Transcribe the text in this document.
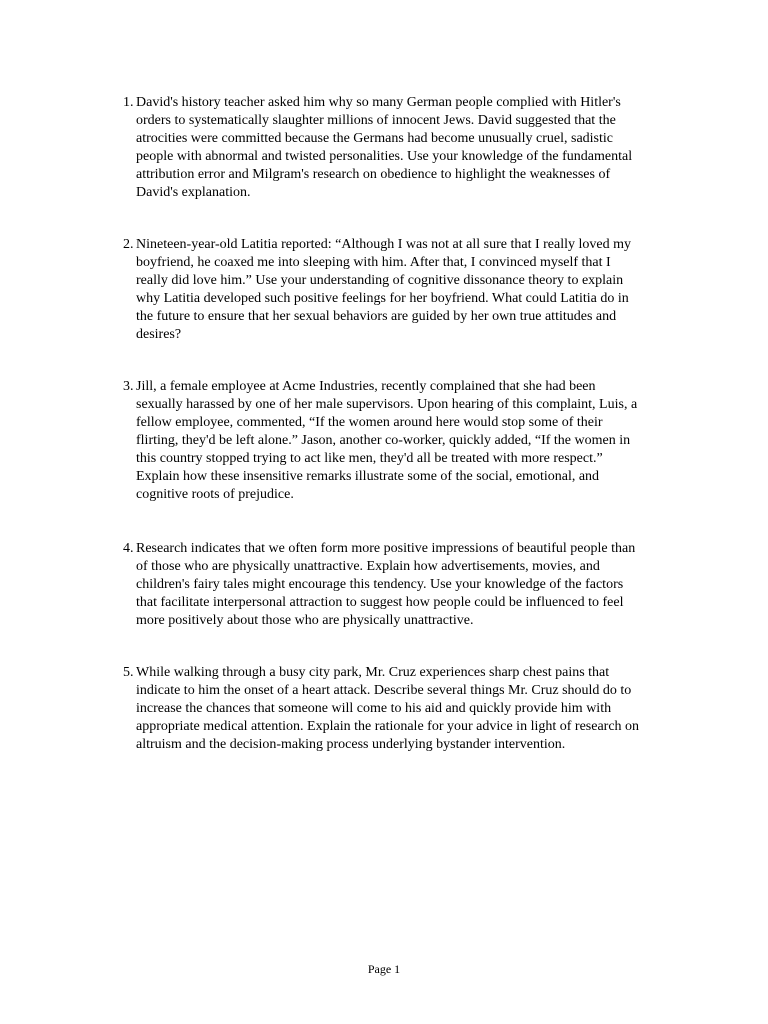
1. David's history teacher asked him why so many German people complied with Hitler's
orders to systematically slaughter millions of innocent Jews. David suggested that the
atrocities were committed because the Germans had become unusually cruel, sadistic
people with abnormal and twisted personalities. Use your knowledge of the fundamental
attribution error and Milgram's research on obedience to highlight the weaknesses of
David's explanation.
2. Nineteen-year-old Latitia reported: “Although I was not at all sure that I really loved my
boyfriend, he coaxed me into sleeping with him. After that, I convinced myself that I
really did love him.” Use your understanding of cognitive dissonance theory to explain
why Latitia developed such positive feelings for her boyfriend. What could Latitia do in
the future to ensure that her sexual behaviors are guided by her own true attitudes and
desires?
3. Jill, a female employee at Acme Industries, recently complained that she had been
sexually harassed by one of her male supervisors. Upon hearing of this complaint, Luis, a
fellow employee, commented, “If the women around here would stop some of their
flirting, they'd be left alone.” Jason, another co-worker, quickly added, “If the women in
this country stopped trying to act like men, they'd all be treated with more respect.”
Explain how these insensitive remarks illustrate some of the social, emotional, and
cognitive roots of prejudice.
4. Research indicates that we often form more positive impressions of beautiful people than
of those who are physically unattractive. Explain how advertisements, movies, and
children's fairy tales might encourage this tendency. Use your knowledge of the factors
that facilitate interpersonal attraction to suggest how people could be influenced to feel
more positively about those who are physically unattractive.
5. While walking through a busy city park, Mr. Cruz experiences sharp chest pains that
indicate to him the onset of a heart attack. Describe several things Mr. Cruz should do to
increase the chances that someone will come to his aid and quickly provide him with
appropriate medical attention. Explain the rationale for your advice in light of research on
altruism and the decision-making process underlying bystander intervention.
Page 1
